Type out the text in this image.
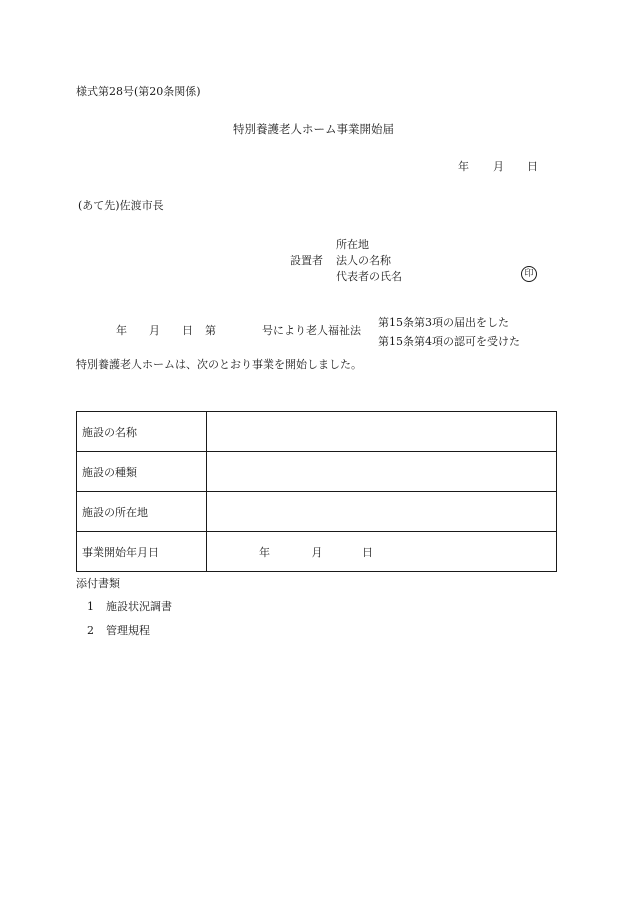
様式第28号(第20条関係)
特別養護老人ホーム事業開始届
年 月 日
(あて先)佐渡市長
設置者
所在地
法人の名称
代表者の氏名	印
年 月 日 第	号により老人福祉法
第15条第3項の届出をした
第15条第4項の認可を受けた
特別養護老人ホームは、次のとおり事業を開始しました。
施設の名称	
施設の種類	
施設の所在地	
事業開始年月日	年 月 日
添付書類
1 施設状況調書
2 管理規程
